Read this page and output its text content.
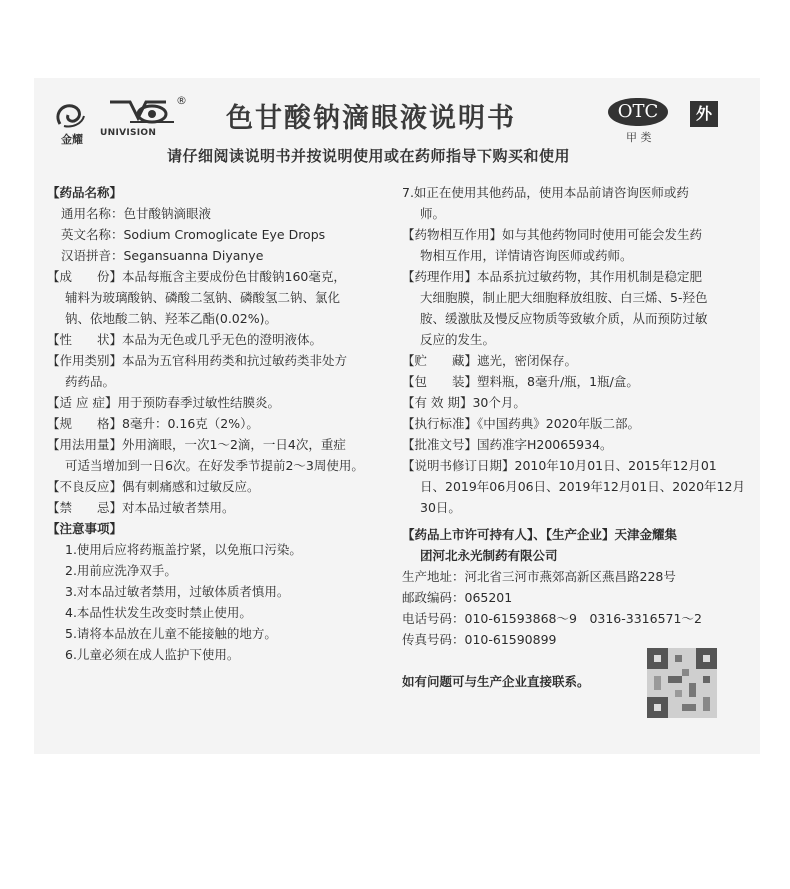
金耀
®
UNIVISION	色甘酸钠滴眼液说明书	OTC
甲 类
外
请仔细阅读说明书并按说明使用或在药师指导下购买和使用

【药品名称】

通用名称：色甘酸钠滴眼液

英文名称：Sodium Cromoglicate Eye Drops

汉语拼音：Segansuanna Diyanye

【成　　份】本品每瓶含主要成份色甘酸钠160毫克，

辅料为玻璃酸钠、磷酸二氢钠、磷酸氢二钠、氯化

钠、依地酸二钠、羟苯乙酯(0.02%)。

【性　　状】本品为无色或几乎无色的澄明液体。

【作用类别】本品为五官科用药类和抗过敏药类非处方

药药品。

【适 应 症】用于预防春季过敏性结膜炎。

【规　　格】8毫升：0.16克（2%）。

【用法用量】外用滴眼，一次1～2滴，一日4次，重症

可适当增加到一日6次。在好发季节提前2～3周使用。

【不良反应】偶有刺痛感和过敏反应。

【禁　　忌】对本品过敏者禁用。

【注意事项】

1.使用后应将药瓶盖拧紧，以免瓶口污染。

2.用前应洗净双手。

3.对本品过敏者禁用，过敏体质者慎用。

4.本品性状发生改变时禁止使用。

5.请将本品放在儿童不能接触的地方。

6.儿童必须在成人监护下使用。

7.如正在使用其他药品，使用本品前请咨询医师或药

师。

【药物相互作用】如与其他药物同时使用可能会发生药

物相互作用，详情请咨询医师或药师。

【药理作用】本品系抗过敏药物，其作用机制是稳定肥

大细胞膜，制止肥大细胞释放组胺、白三烯、5-羟色

胺、缓激肽及慢反应物质等致敏介质，从而预防过敏

反应的发生。

【贮　　藏】遮光，密闭保存。

【包　　装】塑料瓶，8毫升/瓶，1瓶/盒。

【有 效 期】30个月。

【执行标准】《中国药典》2020年版二部。

【批准文号】国药准字H20065934。

【说明书修订日期】2010年10月01日、2015年12月01

日、2019年06月06日、2019年12月01日、2020年12月

30日。

【药品上市许可持有人】、【生产企业】天津金耀集

团河北永光制药有限公司

生产地址：河北省三河市燕郊高新区燕昌路228号

邮政编码：065201

电话号码：010-61593868～9　0316-3316571～2

传真号码：010-61590899

如有问题可与生产企业直接联系。
